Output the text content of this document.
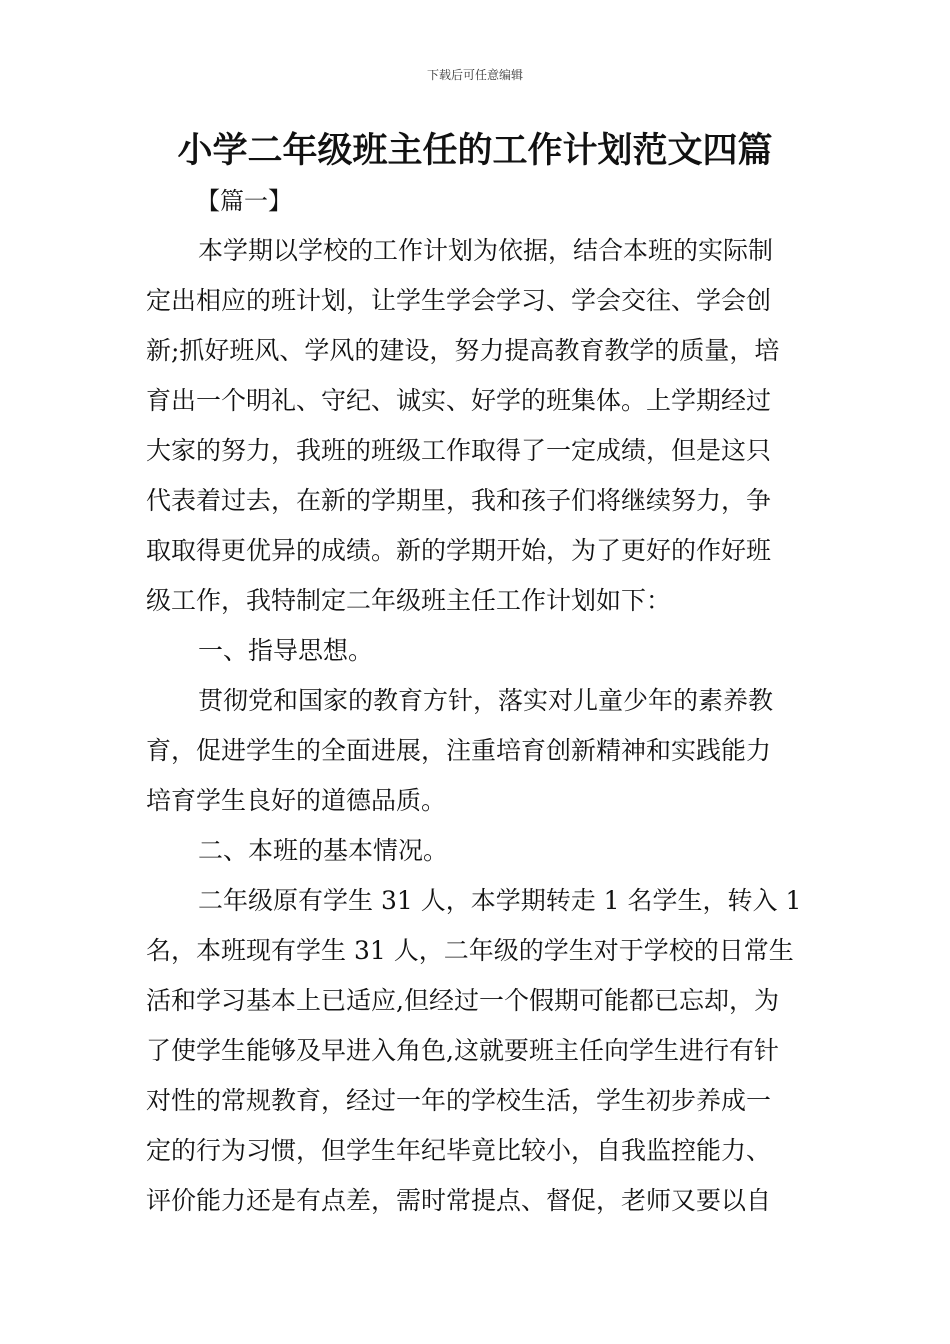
下载后可任意编辑
小学二年级班主任的工作计划范文四篇
【篇一】
本学期以学校的工作计划为依据，结合本班的实际制
定出相应的班计划，让学生学会学习、学会交往、学会创
新;抓好班风、学风的建设，努力提高教育教学的质量，培
育出一个明礼、守纪、诚实、好学的班集体。上学期经过
大家的努力，我班的班级工作取得了一定成绩，但是这只
代表着过去，在新的学期里，我和孩子们将继续努力，争
取取得更优异的成绩。新的学期开始，为了更好的作好班
级工作，我特制定二年级班主任工作计划如下：
一、指导思想。
贯彻党和国家的教育方针，落实对儿童少年的素养教
育，促进学生的全面进展，注重培育创新精神和实践能力
培育学生良好的道德品质。
二、本班的基本情况。
二年级原有学生 31 人，本学期转走 1 名学生，转入 1
名，本班现有学生 31 人，二年级的学生对于学校的日常生
活和学习基本上已适应,但经过一个假期可能都已忘却，为
了使学生能够及早进入角色,这就要班主任向学生进行有针
对性的常规教育，经过一年的学校生活，学生初步养成一
定的行为习惯，但学生年纪毕竟比较小，自我监控能力、
评价能力还是有点差，需时常提点、督促，老师又要以自
